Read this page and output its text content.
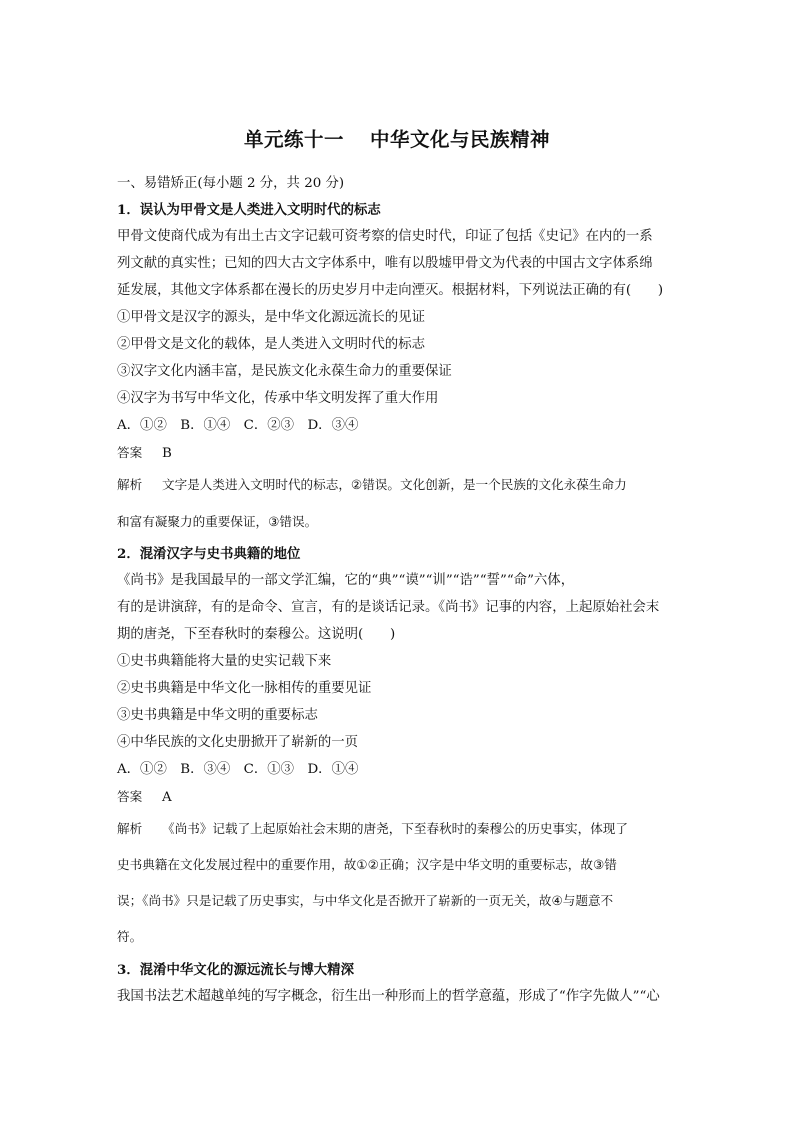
单元练十一 中华文化与民族精神
一、易错矫正(每小题 2 分，共 20 分)
1．误认为甲骨文是人类进入文明时代的标志
甲骨文使商代成为有出土古文字记载可资考察的信史时代，印证了包括《史记》在内的一系
列文献的真实性；已知的四大古文字体系中，唯有以殷墟甲骨文为代表的中国古文字体系绵
延发展，其他文字体系都在漫长的历史岁月中走向湮灭。根据材料，下列说法正确的有(　　)
①甲骨文是汉字的源头，是中华文化源远流长的见证
②甲骨文是文化的载体，是人类进入文明时代的标志
③汉字文化内涵丰富，是民族文化永葆生命力的重要保证
④汉字为书写中华文化，传承中华文明发挥了重大作用
A．①②　B．①④　C．②③　D．③④
答案 B
解析 文字是人类进入文明时代的标志，②错误。文化创新，是一个民族的文化永葆生命力
和富有凝聚力的重要保证，③错误。
2．混淆汉字与史书典籍的地位
《尚书》是我国最早的一部文学汇编，它的“典”“谟”“训”“诰”“誓”“命”六体，
有的是讲演辞，有的是命令、宣言，有的是谈话记录。《尚书》记事的内容，上起原始社会末
期的唐尧，下至春秋时的秦穆公。这说明(　　)
①史书典籍能将大量的史实记载下来
②史书典籍是中华文化一脉相传的重要见证
③史书典籍是中华文明的重要标志
④中华民族的文化史册掀开了崭新的一页
A．①②　B．③④　C．①③　D．①④
答案 A
解析 《尚书》记载了上起原始社会末期的唐尧，下至春秋时的秦穆公的历史事实，体现了
史书典籍在文化发展过程中的重要作用，故①②正确；汉字是中华文明的重要标志，故③错
误；《尚书》只是记载了历史事实，与中华文化是否掀开了崭新的一页无关，故④与题意不
符。
3．混淆中华文化的源远流长与博大精深
我国书法艺术超越单纯的写字概念，衍生出一种形而上的哲学意蕴，形成了“作字先做人”“心
